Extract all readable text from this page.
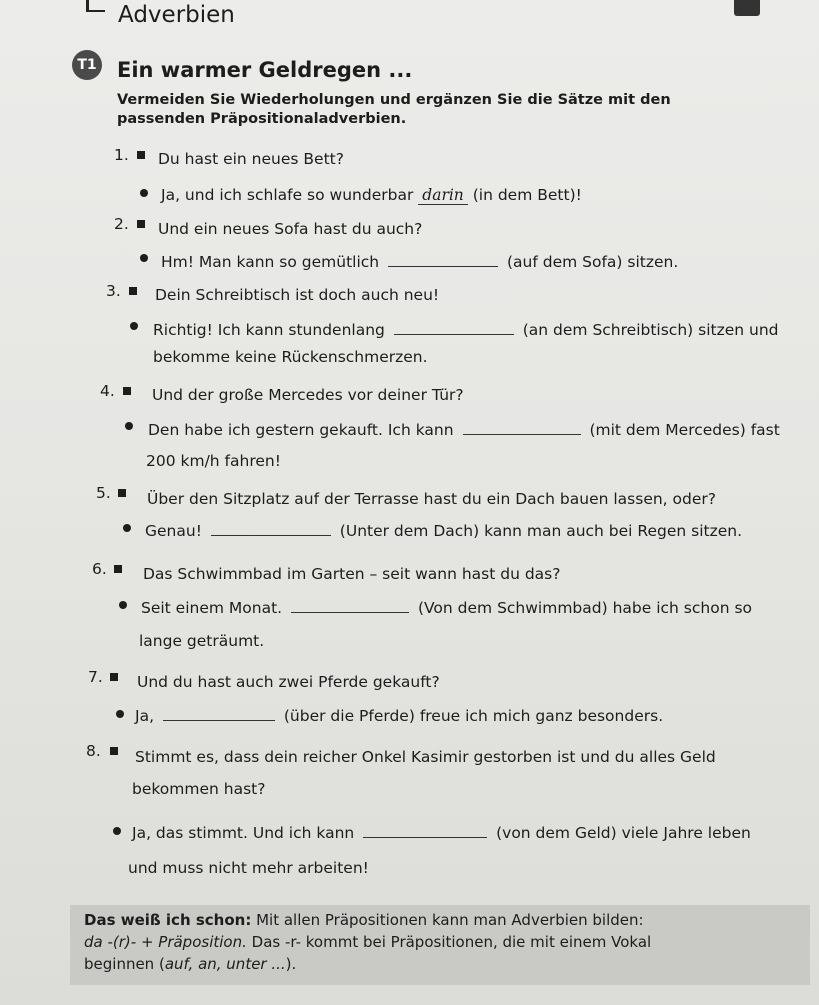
Adverbien
T1 Ein warmer Geldregen ...
Vermeiden Sie Wiederholungen und ergänzen Sie die Sätze mit den passenden Präpositionaladverbien.
1. Du hast ein neues Bett?
Ja, und ich schlafe so wunderbar darin (in dem Bett)!
2. Und ein neues Sofa hast du auch?
Hm! Man kann so gemütlich	(auf dem Sofa) sitzen.
3. Dein Schreibtisch ist doch auch neu!
Richtig! Ich kann stundenlang	(an dem Schreibtisch) sitzen und
bekomme keine Rückenschmerzen.
4. Und der große Mercedes vor deiner Tür?
Den habe ich gestern gekauft. Ich kann	(mit dem Mercedes) fast
200 km/h fahren!
5. Über den Sitzplatz auf der Terrasse hast du ein Dach bauen lassen, oder?
Genau!	(Unter dem Dach) kann man auch bei Regen sitzen.
6. Das Schwimmbad im Garten – seit wann hast du das?
Seit einem Monat.	(Von dem Schwimmbad) habe ich schon so
lange geträumt.
7. Und du hast auch zwei Pferde gekauft?
Ja,	(über die Pferde) freue ich mich ganz besonders.
8. Stimmt es, dass dein reicher Onkel Kasimir gestorben ist und du alles Geld
bekommen hast?
Ja, das stimmt. Und ich kann	(von dem Geld) viele Jahre leben
und muss nicht mehr arbeiten!
Das weiß ich schon: Mit allen Präpositionen kann man Adverbien bilden:
da -(r)- + Präposition. Das -r- kommt bei Präpositionen, die mit einem Vokal
beginnen (auf, an, unter ...).
